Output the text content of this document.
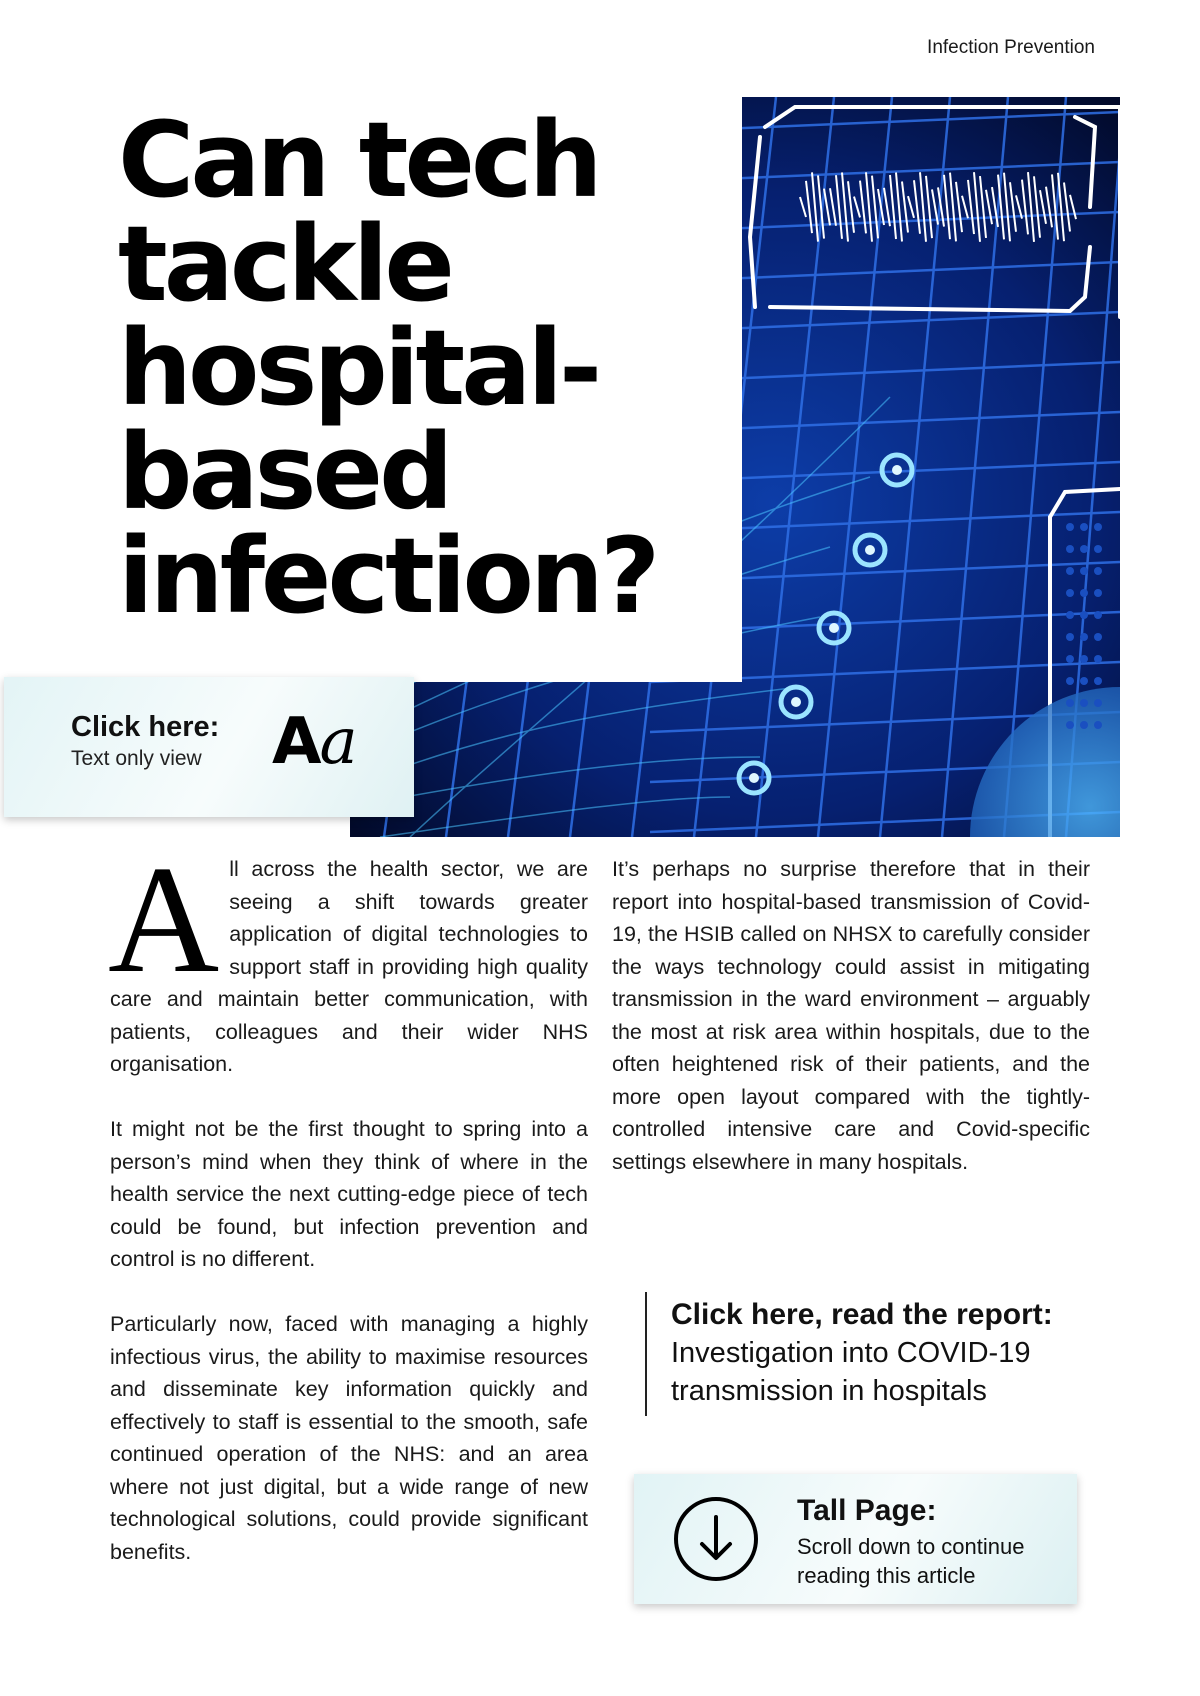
Infection Prevention
Can tech
tackle
hospital-
based
infection?
Click here:
Text only view Aa

All across the health sector, we are seeing a shift towards greater application of digital technologies to support staff in providing high quality care and maintain better communication, with patients, colleagues and their wider NHS organisation.

It might not be the first thought to spring into a person’s mind when they think of where in the health service the next cutting-edge piece of tech could be found, but infection prevention and control is no different.

Particularly now, faced with managing a highly infectious virus, the ability to maximise resources and disseminate key information quickly and effectively to staff is essential to the smooth, safe continued operation of the NHS: and an area where not just digital, but a wide range of new technological solutions, could provide significant benefits.

It’s perhaps no surprise therefore that in their report into hospital-based transmission of Covid-19, the HSIB called on NHSX to carefully consider the ways technology could assist in mitigating transmission in the ward environment – arguably the most at risk area within hospitals, due to the often heightened risk of their patients, and the more open layout compared with the tightly-controlled intensive care and Covid-specific settings elsewhere in many hospitals.

Click here, read the report:
Investigation into COVID-19 transmission in hospitals
Tall Page:
Scroll down to continue reading this article
